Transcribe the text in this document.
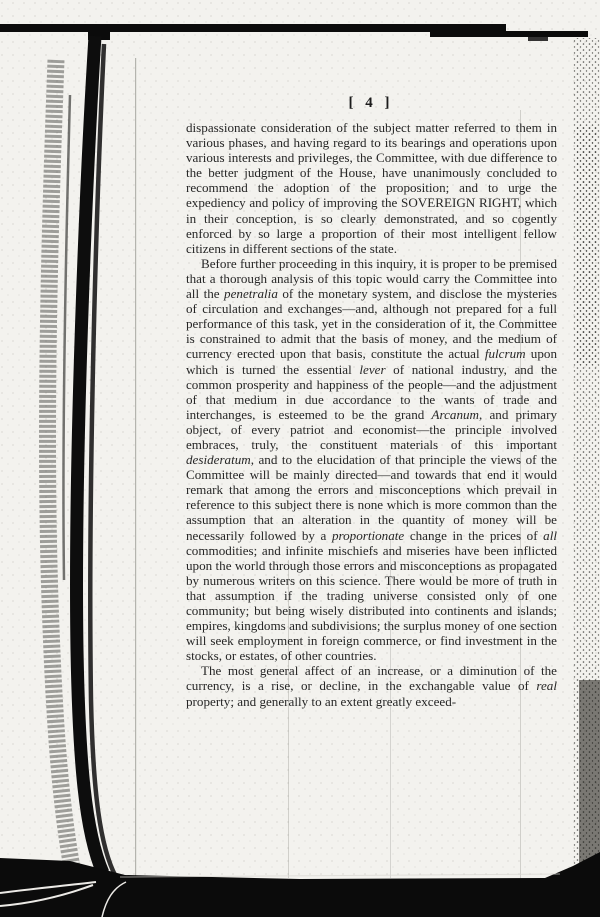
[ 4 ]

dispassionate consideration of the subject matter referred to them in various phases, and having regard to its bearings and operations upon various interests and privileges, the Committee, with due difference to the better judgment of the House, have unanimously concluded to recommend the adoption of the proposition; and to urge the expediency and policy of improving the SOVEREIGN RIGHT, which in their conception, is so clearly demonstrated, and so cogently enforced by so large a proportion of their most intelligent fellow citizens in different sections of the state.

Before further proceeding in this inquiry, it is proper to be premised that a thorough analysis of this topic would carry the Committee into all the penetralia of the monetary system, and disclose the mysteries of circulation and exchanges—and, although not prepared for a full performance of this task, yet in the consideration of it, the Committee is constrained to admit that the basis of money, and the medium of currency erected upon that basis, constitute the actual fulcrum upon which is turned the essential lever of national industry, and the common prosperity and happiness of the people—and the adjustment of that medium in due accordance to the wants of trade and interchanges, is esteemed to be the grand Arcanum, and primary object, of every patriot and economist—the principle involved embraces, truly, the constituent materials of this important desideratum, and to the elucidation of that principle the views of the Committee will be mainly directed—and towards that end it would remark that among the errors and misconceptions which prevail in reference to this subject there is none which is more common than the assumption that an alteration in the quantity of money will be necessarily followed by a proportionate change in the prices of all commodities; and infinite mischiefs and miseries have been inflicted upon the world through those errors and misconceptions as propagated by numerous writers on this science. There would be more of truth in that assumption if the trading universe consisted only of one community; but being wisely distributed into continents and islands; empires, kingdoms and subdivisions; the surplus money of one section will seek employment in foreign commerce, or find investment in the stocks, or estates, of other countries.

The most general affect of an increase, or a diminution of the currency, is a rise, or decline, in the exchangable value of real property; and generally to an extent greatly exceed-
